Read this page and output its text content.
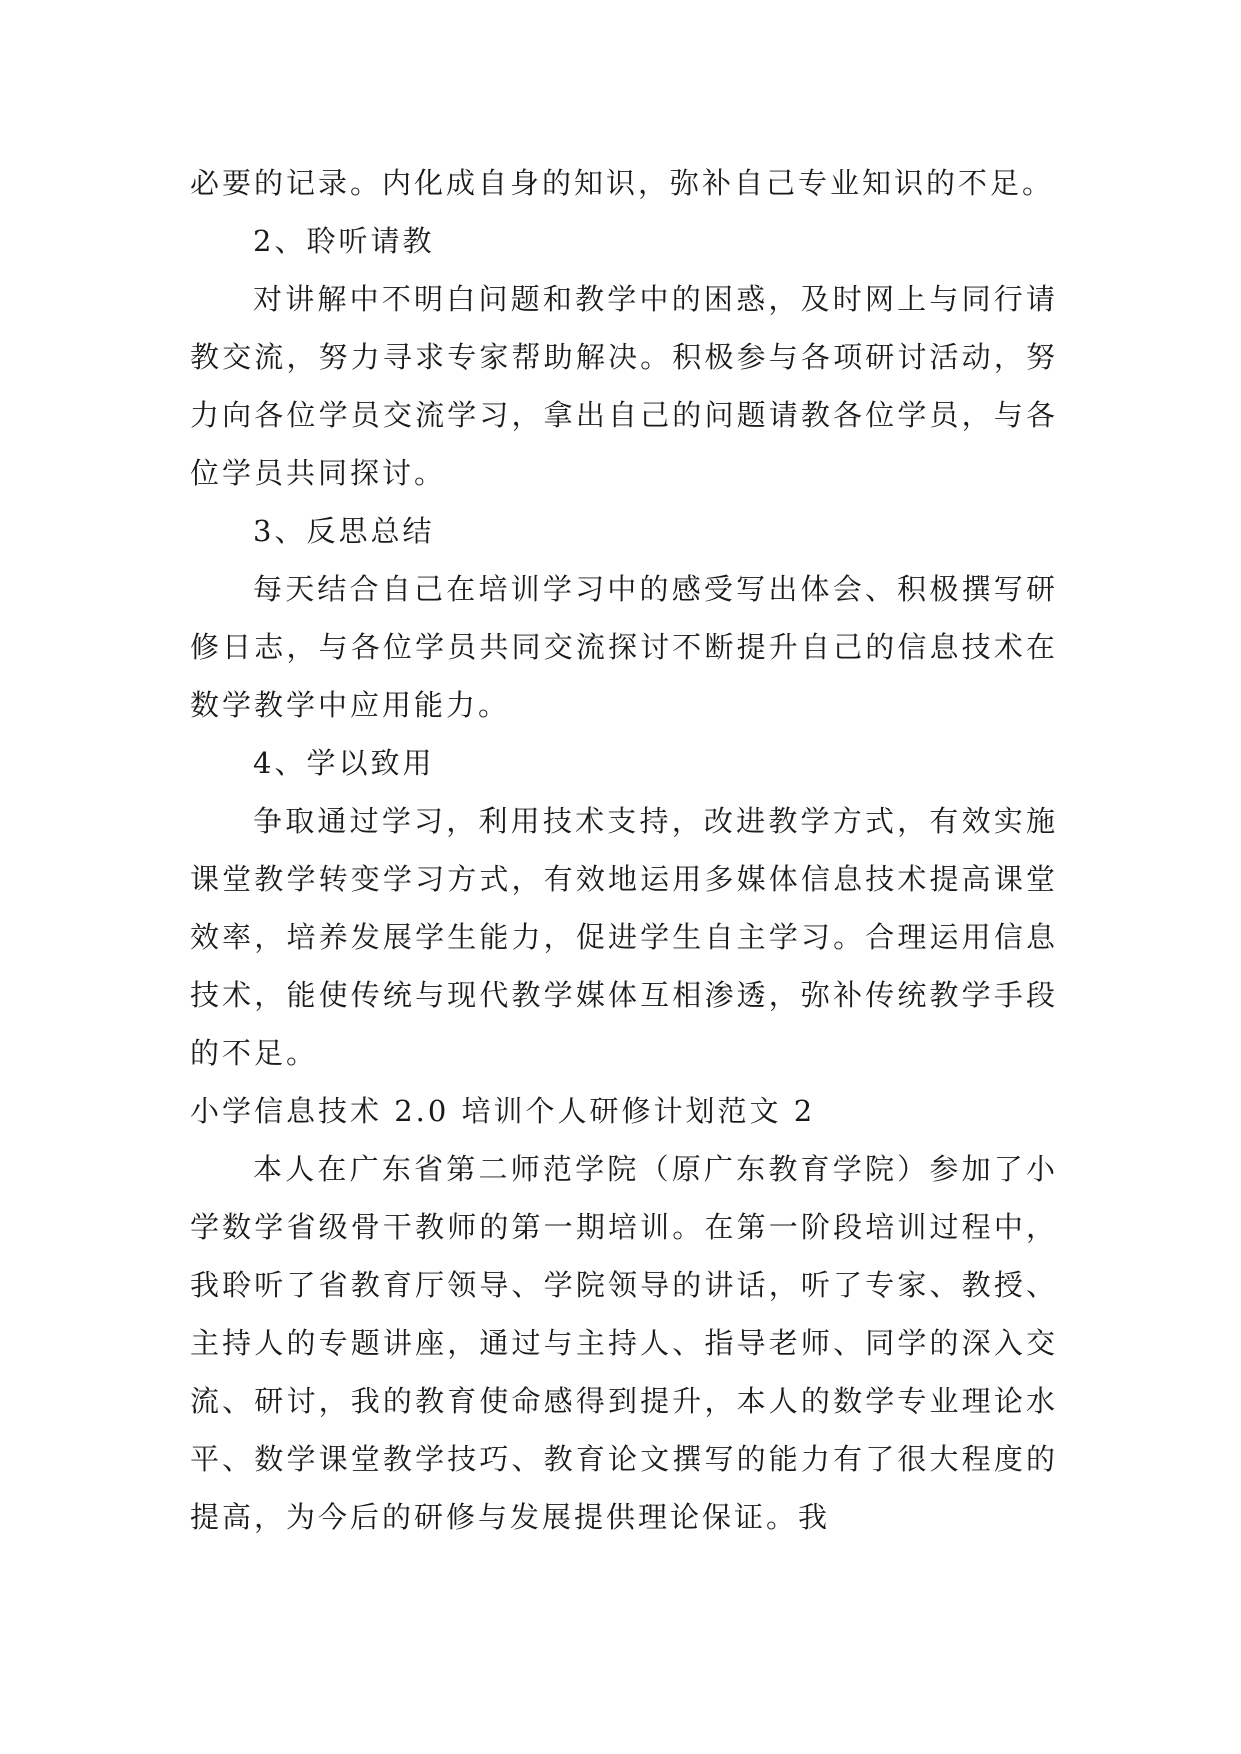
必要的记录。内化成自身的知识，弥补自己专业知识的不足。

2、聆听请教

对讲解中不明白问题和教学中的困惑，及时网上与同行请教交流，努力寻求专家帮助解决。积极参与各项研讨活动，努力向各位学员交流学习，拿出自己的问题请教各位学员，与各位学员共同探讨。

3、反思总结

每天结合自己在培训学习中的感受写出体会、积极撰写研修日志，与各位学员共同交流探讨不断提升自己的信息技术在数学教学中应用能力。

4、学以致用

争取通过学习，利用技术支持，改进教学方式，有效实施课堂教学转变学习方式，有效地运用多媒体信息技术提高课堂效率，培养发展学生能力，促进学生自主学习。合理运用信息技术，能使传统与现代教学媒体互相渗透，弥补传统教学手段的不足。

小学信息技术 2.0 培训个人研修计划范文 2

本人在广东省第二师范学院（原广东教育学院）参加了小学数学省级骨干教师的第一期培训。在第一阶段培训过程中，我聆听了省教育厅领导、学院领导的讲话，听了专家、教授、主持人的专题讲座，通过与主持人、指导老师、同学的深入交流、研讨，我的教育使命感得到提升，本人的数学专业理论水平、数学课堂教学技巧、教育论文撰写的能力有了很大程度的提高，为今后的研修与发展提供理论保证。我
